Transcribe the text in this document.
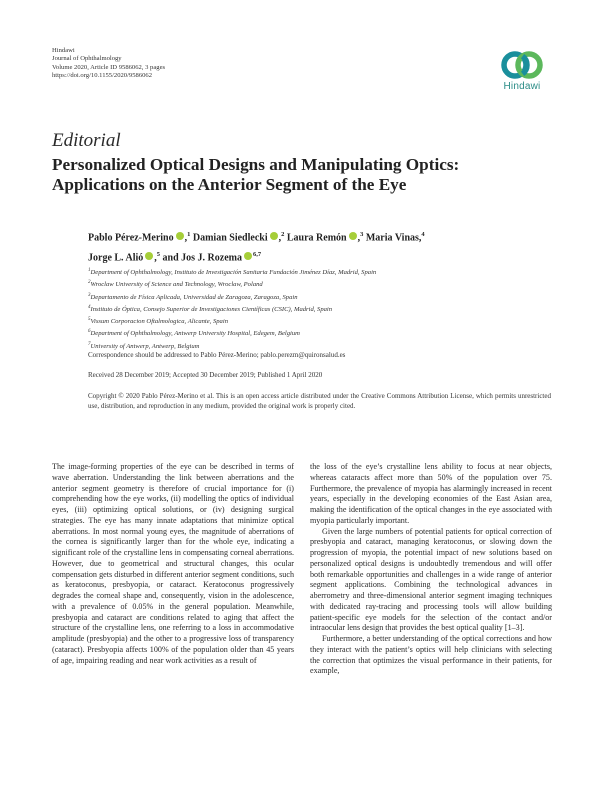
Hindawi
Journal of Ophthalmology
Volume 2020, Article ID 9586062, 3 pages
https://doi.org/10.1155/2020/9586062
Hindawi
Editorial
Personalized Optical Designs and Manipulating Optics:
Applications on the Anterior Segment of the Eye
Pablo Pérez-Merino ,$^1$ Damian Siedlecki ,$^2$ Laura Remón ,$^3$ Maria Vinas,$^4$
Jorge L. Alió ,$^5$ and Jos J. Rozema $^{6,7}$
$^1$Department of Ophthalmology, Instituto de Investigación Sanitaria Fundación Jiménez Díaz, Madrid, Spain
$^2$Wroclaw University of Science and Technology, Wroclaw, Poland
$^3$Departamento de Física Aplicada, Universidad de Zaragoza, Zaragoza, Spain
$^4$Instituto de Óptica, Consejo Superior de Investigaciones Científicas (CSIC), Madrid, Spain
$^5$Vissum Corporacion Oftalmologica, Alicante, Spain
$^6$Department of Ophthalmology, Antwerp University Hospital, Edegem, Belgium
$^7$University of Antwerp, Antwerp, Belgium
Correspondence should be addressed to Pablo Pérez-Merino; pablo.perezm@quironsalud.es
Received 28 December 2019; Accepted 30 December 2019; Published 1 April 2020
Copyright © 2020 Pablo Pérez-Merino et al. This is an open access article distributed under the Creative Commons Attribution License, which permits unrestricted use, distribution, and reproduction in any medium, provided the original work is properly cited.

The image-forming properties of the eye can be described in terms of wave aberration. Understanding the link between aberrations and the anterior segment geometry is therefore of crucial importance for (i) comprehending how the eye works, (ii) modelling the optics of individual eyes, (iii) optimizing optical solutions, or (iv) designing surgical strategies. The eye has many innate adaptations that minimize optical aberrations. In most normal young eyes, the magnitude of aberrations of the cornea is significantly larger than for the whole eye, indicating a significant role of the crystalline lens in compensating corneal aberrations. However, due to geometrical and structural changes, this ocular compensation gets disturbed in different anterior segment conditions, such as keratoconus, presbyopia, or cataract. Keratoconus progressively degrades the corneal shape and, consequently, vision in the adolescence, with a prevalence of 0.05% in the general population. Meanwhile, presbyopia and cataract are conditions related to aging that affect the structure of the crystalline lens, one referring to a loss in accommodative amplitude (presbyopia) and the other to a progressive loss of transparency (cataract). Presbyopia affects 100% of the population older than 45 years of age, impairing reading and near work activities as a result of

the loss of the eye’s crystalline lens ability to focus at near objects, whereas cataracts affect more than 50% of the population over 75. Furthermore, the prevalence of myopia has alarmingly increased in recent years, especially in the developing economies of the East Asian area, making the identification of the optical changes in the eye associated with myopia particularly important.

Given the large numbers of potential patients for optical correction of presbyopia and cataract, managing keratoconus, or slowing down the progression of myopia, the potential impact of new solutions based on personalized optical designs is undoubtedly tremendous and will offer both remarkable opportunities and challenges in a wide range of anterior segment applications. Combining the technological advances in aberrometry and three-dimensional anterior segment imaging techniques with dedicated ray-tracing and processing tools will allow building patient-specific eye models for the selection of the contact and/or intraocular lens design that provides the best optical quality [1–3].

Furthermore, a better understanding of the optical corrections and how they interact with the patient’s optics will help clinicians with selecting the correction that optimizes the visual performance in their patients, for example,
